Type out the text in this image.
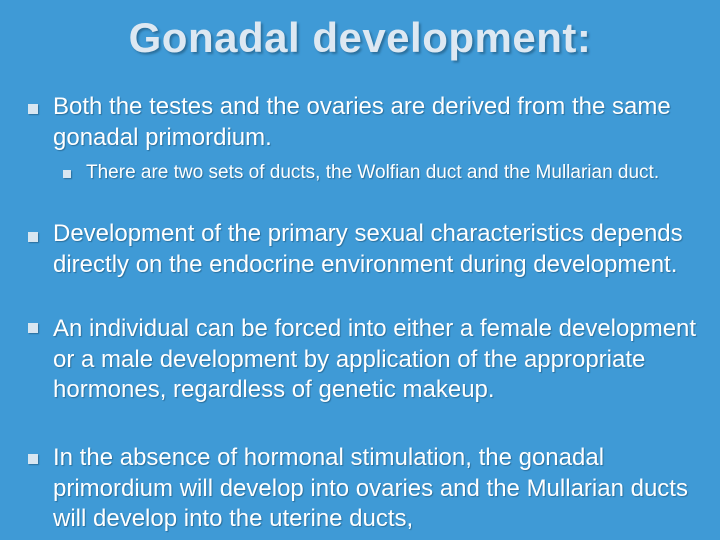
Gonadal development:
Both the testes and the ovaries are derived from the same gonadal primordium.
There are two sets of ducts, the Wolfian duct and the Mullarian duct.
Development of the primary sexual characteristics depends directly on the endocrine environment during development.
An individual can be forced into either a female development or a male development by application of the appropriate hormones, regardless of genetic makeup.
In the absence of hormonal stimulation, the gonadal primordium will develop into ovaries and the Mullarian ducts will develop into the uterine ducts,
